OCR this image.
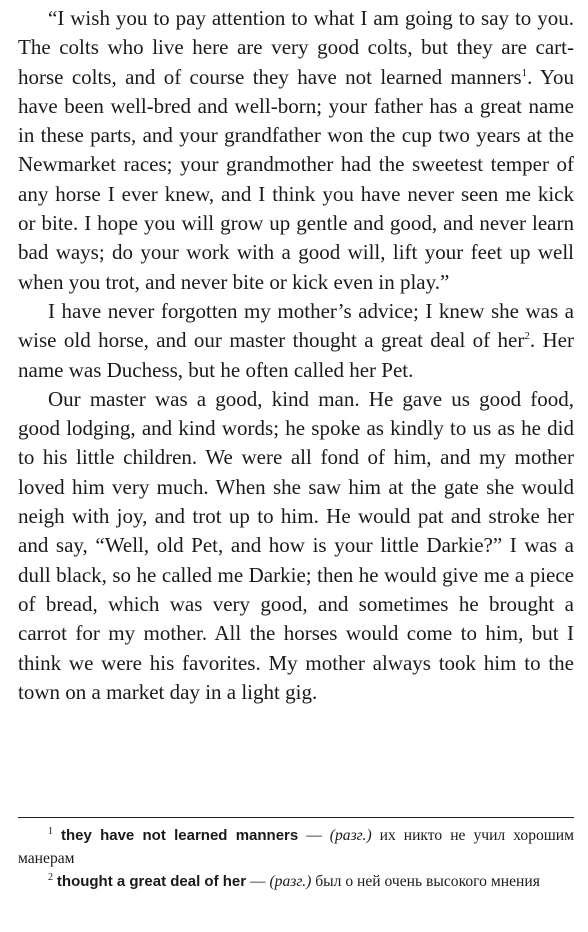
“I wish you to pay attention to what I am going to say to you. The colts who live here are very good colts, but they are cart-horse colts, and of course they have not learned manners$^1$. You have been well-bred and well-born; your father has a great name in these parts, and your grandfather won the cup two years at the Newmarket races; your grandmother had the sweetest temper of any horse I ever knew, and I think you have never seen me kick or bite. I hope you will grow up gentle and good, and never learn bad ways; do your work with a good will, lift your feet up well when you trot, and never bite or kick even in play.”

I have never forgotten my mother’s advice; I knew she was a wise old horse, and our master thought a great deal of her$^2$. Her name was Duchess, but he often called her Pet.

Our master was a good, kind man. He gave us good food, good lodging, and kind words; he spoke as kindly to us as he did to his little children. We were all fond of him, and my mother loved him very much. When she saw him at the gate she would neigh with joy, and trot up to him. He would pat and stroke her and say, “Well, old Pet, and how is your little Darkie?” I was a dull black, so he called me Darkie; then he would give me a piece of bread, which was very good, and sometimes he brought a carrot for my mother. All the horses would come to him, but I think we were his favorites. My mother always took him to the town on a market day in a light gig.

$^1$ they have not learned manners — (разг.) их никто не учил хорошим манерам

$^2$ thought a great deal of her — (разг.) был о ней очень высокого мнения
